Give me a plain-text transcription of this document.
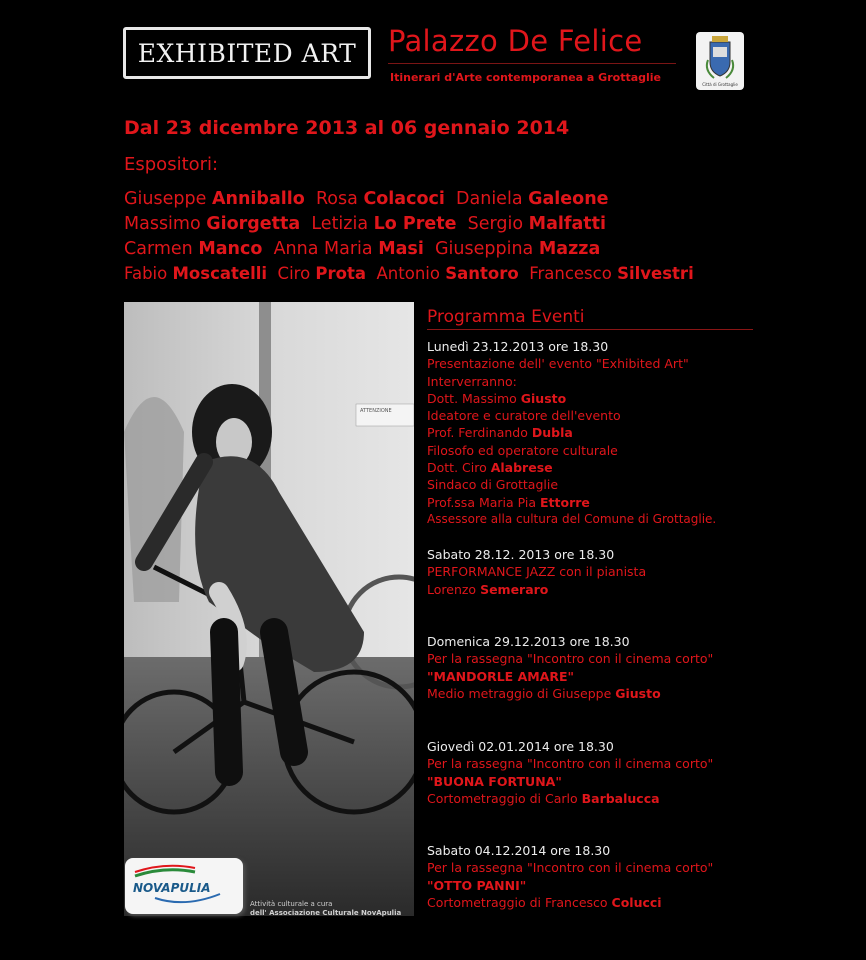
EXHIBITED ART Palazzo De Felice
Itinerari d'Arte contemporanea a Grottaglie
Città di Grottaglie
Dal 23 dicembre 2013 al 06 gennaio 2014
Espositori:
Giuseppe Anniballo Rosa Colacoci Daniela Galeone
Massimo Giorgetta Letizia Lo Prete Sergio Malfatti
Carmen Manco Anna Maria Masi Giuseppina Mazza
Fabio Moscatelli Ciro Prota Antonio Santoro Francesco Silvestri
ATTENZIONE
Programma Eventi
Lunedì 23.12.2013 ore 18.30
Presentazione dell' evento "Exhibited Art"
Interverranno:
Dott. Massimo Giusto
Ideatore e curatore dell'evento
Prof. Ferdinando Dubla
Filosofo ed operatore culturale
Dott. Ciro Alabrese
Sindaco di Grottaglie
Prof.ssa Maria Pia Ettorre
Assessore alla cultura del Comune di Grottaglie.
Sabato 28.12. 2013 ore 18.30
PERFORMANCE JAZZ con il pianista
Lorenzo Semeraro
Domenica 29.12.2013 ore 18.30
Per la rassegna "Incontro con il cinema corto"
"MANDORLE AMARE"
Medio metraggio di Giuseppe Giusto
Giovedì 02.01.2014 ore 18.30
Per la rassegna "Incontro con il cinema corto"
"BUONA FORTUNA"
Cortometraggio di Carlo Barbalucca
Sabato 04.12.2014 ore 18.30
Per la rassegna "Incontro con il cinema corto"
"OTTO PANNI"
Cortometraggio di Francesco Colucci
NOVAPULIA
Attività culturale a cura
dell' Associazione Culturale NovApulia
